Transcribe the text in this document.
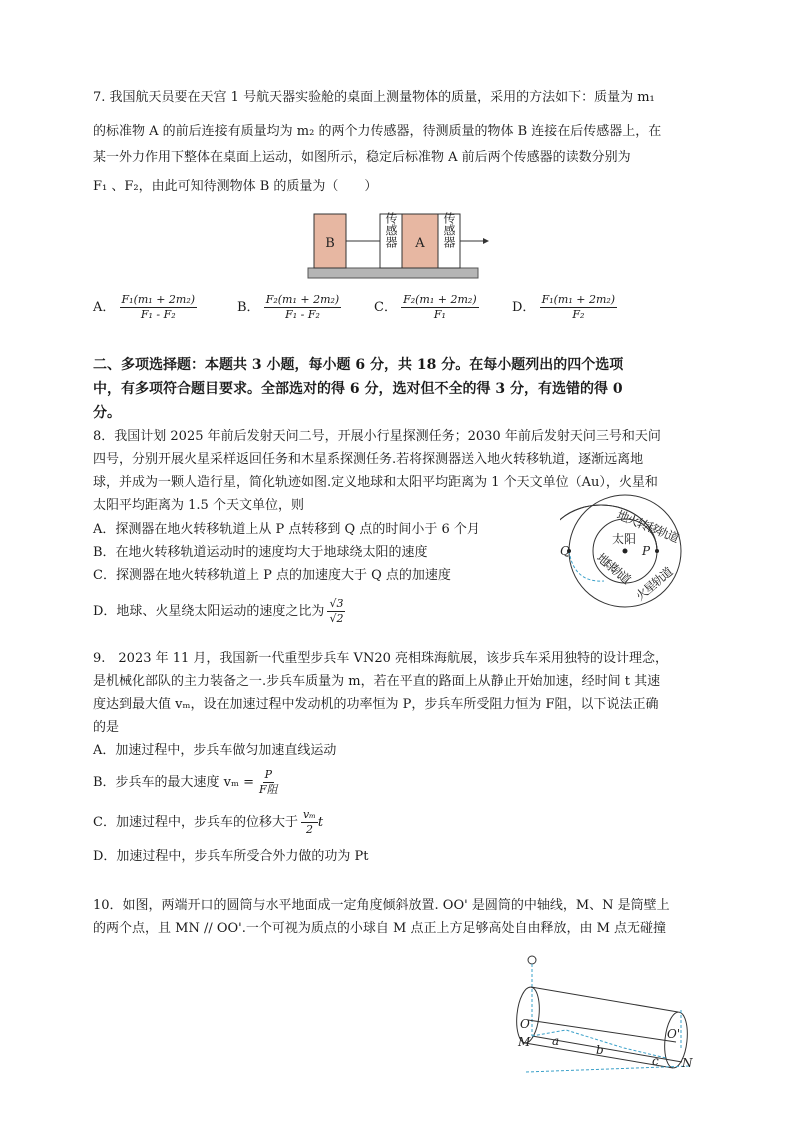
7. 我国航天员要在天宫 1 号航天器实验舱的桌面上测量物体的质量，采用的方法如下：质量为 m₁
的标准物 A 的前后连接有质量均为 m₂ 的两个力传感器，待测质量的物体 B 连接在后传感器上，在
某一外力作用下整体在桌面上运动，如图所示，稳定后标准物 A 前后两个传感器的读数分别为
F₁ 、F₂，由此可知待测物体 B 的质量为（　　）
B	A
传感器	传感器
A． $\frac{\text{F₁(m₁ + 2m₂)}}{\text{F₁ - F₂}}$	B． $\frac{\text{F₂(m₁ + 2m₂)}}{\text{F₁ - F₂}}$	C． $\frac{\text{F₂(m₁ + 2m₂)}}{\text{F₁}}$	D． $\frac{\text{F₁(m₁ + 2m₂)}}{\text{F₂}}$
二、多项选择题：本题共 3 小题，每小题 6 分，共 18 分。在每小题列出的四个选项
中，有多项符合题目要求。全部选对的得 6 分，选对但不全的得 3 分，有选错的得 0
分。
8．我国计划 2025 年前后发射天问二号，开展小行星探测任务；2030 年前后发射天问三号和天问
四号，分别开展火星采样返回任务和木星系探测任务.若将探测器送入地火转移轨道，逐渐远离地
球，并成为一颗人造行星，简化轨迹如图.定义地球和太阳平均距离为 1 个天文单位（Au），火星和
太阳平均距离为 1.5 个天文单位，则
A．探测器在地火转移轨道上从 P 点转移到 Q 点的时间小于 6 个月
B．在地火转移轨道运动时的速度均大于地球绕太阳的速度
C．探测器在地火转移轨道上 P 点的加速度大于 Q 点的加速度
D．地球、火星绕太阳运动的速度之比为 $\frac{√3}{√2}$
地火转移轨道
太阳
地球轨道
火星轨道
Q	P
9.　2023 年 11 月，我国新一代重型步兵车 VN20 亮相珠海航展，该步兵车采用独特的设计理念，
是机械化部队的主力装备之一.步兵车质量为 m，若在平直的路面上从静止开始加速，经时间 t 其速
度达到最大值 vₘ，设在加速过程中发动机的功率恒为 P，步兵车所受阻力恒为 F阻，以下说法正确
的是
A．加速过程中，步兵车做匀加速直线运动
B．步兵车的最大速度 $v_m = \frac{P}{\text{F阻}}$
C．加速过程中，步兵车的位移大于 $\frac{\text{vₘ}}{2}$ t
D．加速过程中，步兵车所受合外力做的功为 Pt
10．如图，两端开口的圆筒与水平地面成一定角度倾斜放置. OO' 是圆筒的中轴线，M、N 是筒壁上
的两个点，且 MN // OO'.一个可视为质点的小球自 M 点正上方足够高处自由释放，由 M 点无碰撞
O
O'
M
N
a
b
c
